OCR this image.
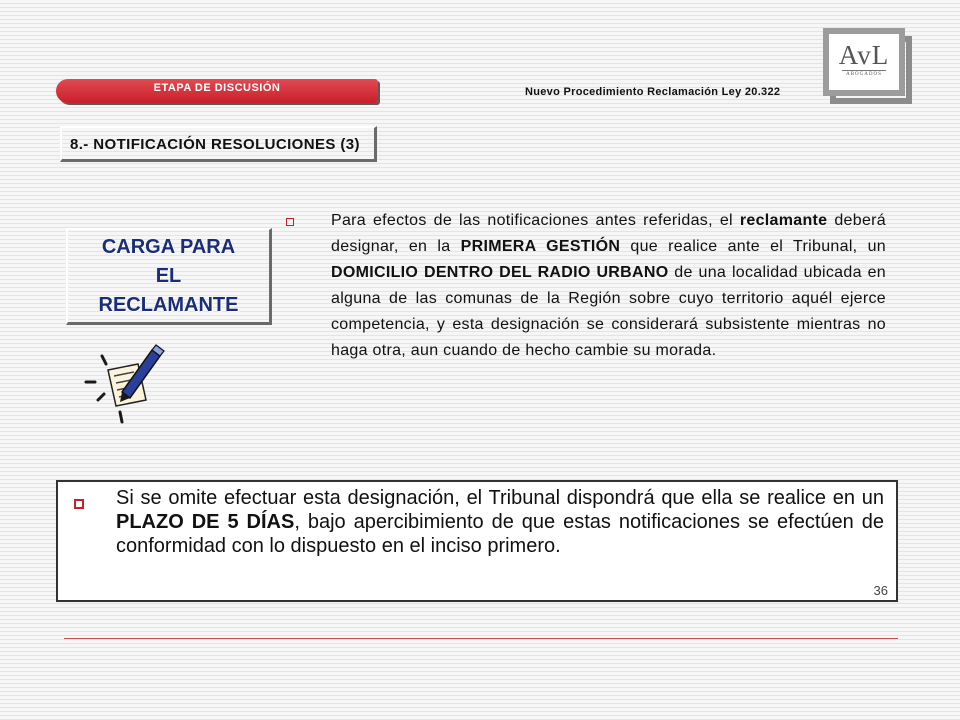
ETAPA DE DISCUSIÓN	Nuevo Procedimiento Reclamación Ley 20.322
AvL
ABOGADOS
8.- NOTIFICACIÓN RESOLUCIONES (3)
CARGA PARA
EL
RECLAMANTE
Para efectos de las notificaciones antes referidas, el reclamante deberá designar, en la PRIMERA GESTIÓN que realice ante el Tribunal, un DOMICILIO DENTRO DEL RADIO URBANO de una localidad ubicada en alguna de las comunas de la Región sobre cuyo territorio aquél ejerce competencia, y esta designación se considerará subsistente mientras no haga otra, aun cuando de hecho cambie su morada.
Si se omite efectuar esta designación, el Tribunal dispondrá que ella se realice en un PLAZO DE 5 DÍAS, bajo apercibimiento de que estas notificaciones se efectúen de conformidad con lo dispuesto en el inciso primero.
36
